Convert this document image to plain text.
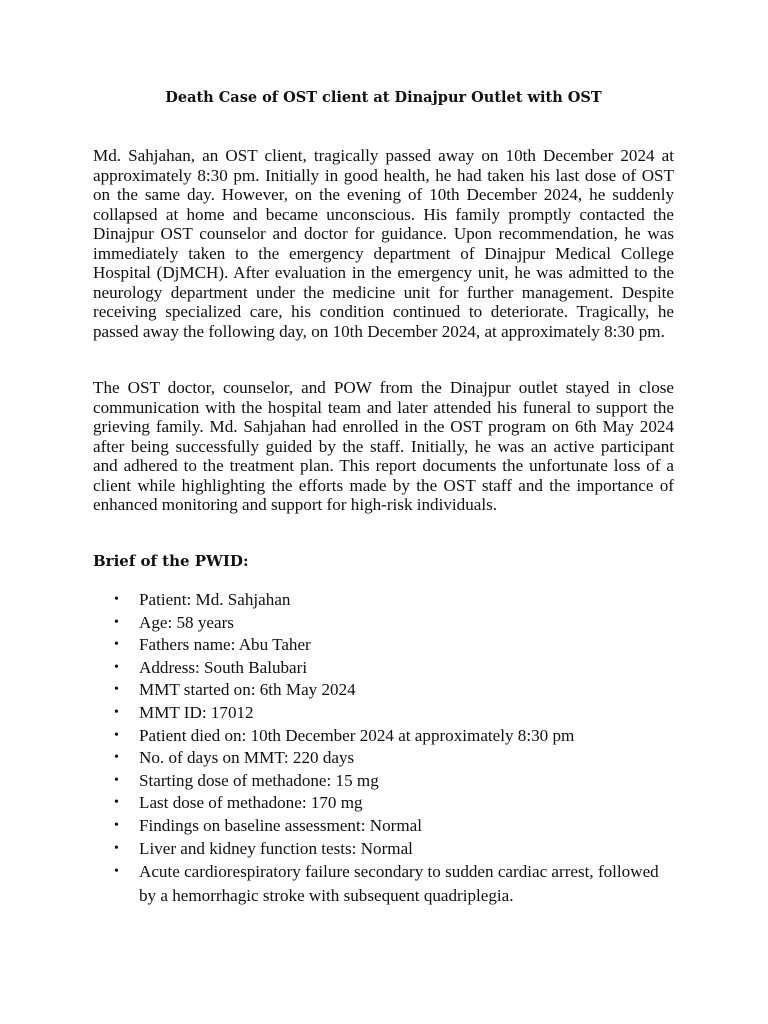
Death Case of OST client at Dinajpur Outlet with OST

Md. Sahjahan, an OST client, tragically passed away on 10th December 2024 at approximately 8:30 pm. Initially in good health, he had taken his last dose of OST on the same day. However, on the evening of 10th December 2024, he suddenly collapsed at home and became unconscious. His family promptly contacted the Dinajpur OST counselor and doctor for guidance. Upon recommendation, he was immediately taken to the emergency department of Dinajpur Medical College Hospital (DjMCH). After evaluation in the emergency unit, he was admitted to the neurology department under the medicine unit for further management. Despite receiving specialized care, his condition continued to deteriorate. Tragically, he passed away the following day, on 10th December 2024, at approximately 8:30 pm.

The OST doctor, counselor, and POW from the Dinajpur outlet stayed in close communication with the hospital team and later attended his funeral to support the grieving family. Md. Sahjahan had enrolled in the OST program on 6th May 2024 after being successfully guided by the staff. Initially, he was an active participant and adhered to the treatment plan. This report documents the unfortunate loss of a client while highlighting the efforts made by the OST staff and the importance of enhanced monitoring and support for high-risk individuals.

Brief of the PWID:
• Patient: Md. Sahjahan
• Age: 58 years
• Fathers name: Abu Taher
• Address: South Balubari
• MMT started on: 6th May 2024
• MMT ID: 17012
• Patient died on: 10th December 2024 at approximately 8:30 pm
• No. of days on MMT: 220 days
• Starting dose of methadone: 15 mg
• Last dose of methadone: 170 mg
• Findings on baseline assessment: Normal
• Liver and kidney function tests: Normal
• Acute cardiorespiratory failure secondary to sudden cardiac arrest, followed by a hemorrhagic stroke with subsequent quadriplegia.
